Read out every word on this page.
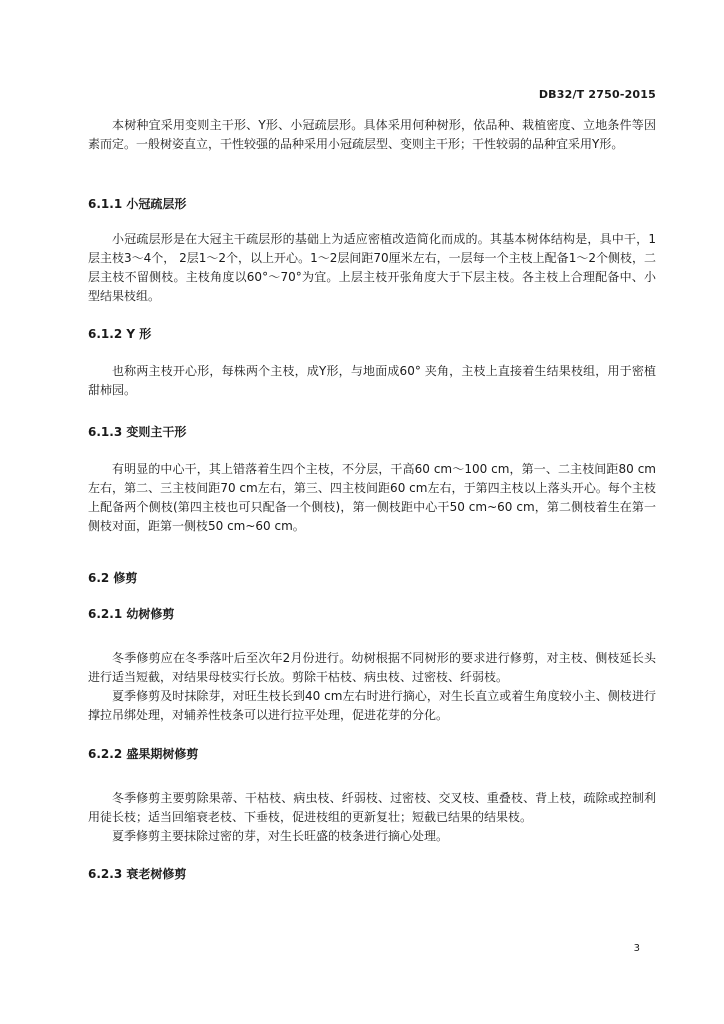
DB32/T 2750-2015

本树种宜采用变则主干形、Y形、小冠疏层形。具体采用何种树形，依品种、栽植密度、立地条件等因素而定。一般树姿直立，干性较强的品种采用小冠疏层型、变则主干形；干性较弱的品种宜采用Y形。

6.1.1 小冠疏层形

小冠疏层形是在大冠主干疏层形的基础上为适应密植改造简化而成的。其基本树体结构是，具中干，1层主枝3～4个， 2层1～2个，以上开心。1～2层间距70厘米左右，一层每一个主枝上配备1～2个侧枝，二层主枝不留侧枝。主枝角度以60°～70°为宜。上层主枝开张角度大于下层主枝。各主枝上合理配备中、小型结果枝组。

6.1.2 Y 形

也称两主枝开心形，每株两个主枝，成Y形，与地面成60° 夹角，主枝上直接着生结果枝组，用于密植甜柿园。

6.1.3 变则主干形

有明显的中心干，其上错落着生四个主枝，不分层，干高60 cm～100 cm，第一、二主枝间距80 cm左右，第二、三主枝间距70 cm左右，第三、四主枝间距60 cm左右，于第四主枝以上落头开心。每个主枝上配备两个侧枝(第四主枝也可只配备一个侧枝)，第一侧枝距中心干50 cm~60 cm，第二侧枝着生在第一侧枝对面，距第一侧枝50 cm~60 cm。

6.2 修剪
6.2.1 幼树修剪

冬季修剪应在冬季落叶后至次年2月份进行。幼树根据不同树形的要求进行修剪，对主枝、侧枝延长头进行适当短截，对结果母枝实行长放。剪除干枯枝、病虫枝、过密枝、纤弱枝。

夏季修剪及时抹除芽，对旺生枝长到40 cm左右时进行摘心，对生长直立或着生角度较小主、侧枝进行撑拉吊绑处理，对辅养性枝条可以进行拉平处理，促进花芽的分化。

6.2.2 盛果期树修剪

冬季修剪主要剪除果蒂、干枯枝、病虫枝、纤弱枝、过密枝、交叉枝、重叠枝、背上枝，疏除或控制利用徒长枝；适当回缩衰老枝、下垂枝，促进枝组的更新复壮；短截已结果的结果枝。

夏季修剪主要抹除过密的芽，对生长旺盛的枝条进行摘心处理。

6.2.3 衰老树修剪
3
